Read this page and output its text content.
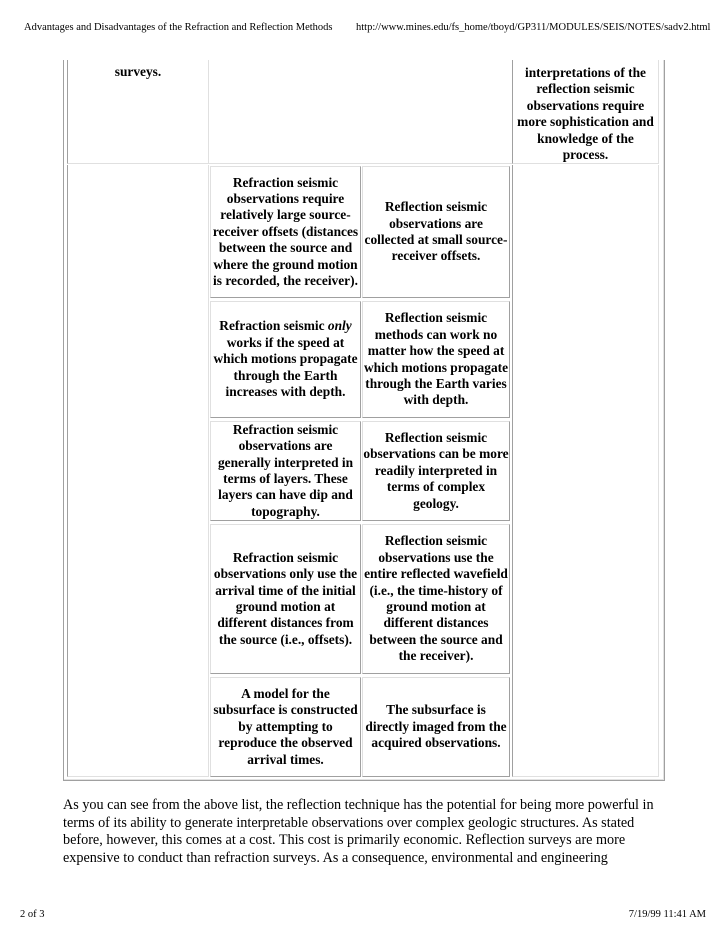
Advantages and Disadvantages of the Refraction and Reflection Methods http://www.mines.edu/fs_home/tboyd/GP311/MODULES/SEIS/NOTES/sadv2.html
surveys.	interpretations of the reflection seismic observations require more sophistication and knowledge of the process.
Refraction seismic observations require relatively large source-receiver offsets (distances between the source and where the ground motion is recorded, the receiver).
Reflection seismic observations are collected at small source-receiver offsets.
Refraction seismic only works if the speed at which motions propagate through the Earth increases with depth.
Reflection seismic methods can work no matter how the speed at which motions propagate through the Earth varies with depth.
Refraction seismic observations are generally interpreted in terms of layers. These layers can have dip and topography.
Reflection seismic observations can be more readily interpreted in terms of complex geology.
Refraction seismic observations only use the arrival time of the initial ground motion at different distances from the source (i.e., offsets).
Reflection seismic observations use the entire reflected wavefield (i.e., the time-history of ground motion at different distances between the source and the receiver).
A model for the subsurface is constructed by attempting to reproduce the observed arrival times.
The subsurface is directly imaged from the acquired observations.

As you can see from the above list, the reflection technique has the potential for being more powerful in terms of its ability to generate interpretable observations over complex geologic structures. As stated before, however, this comes at a cost. This cost is primarily economic. Reflection surveys are more expensive to conduct than refraction surveys. As a consequence, environmental and engineering

2 of 3	7/19/99 11:41 AM
